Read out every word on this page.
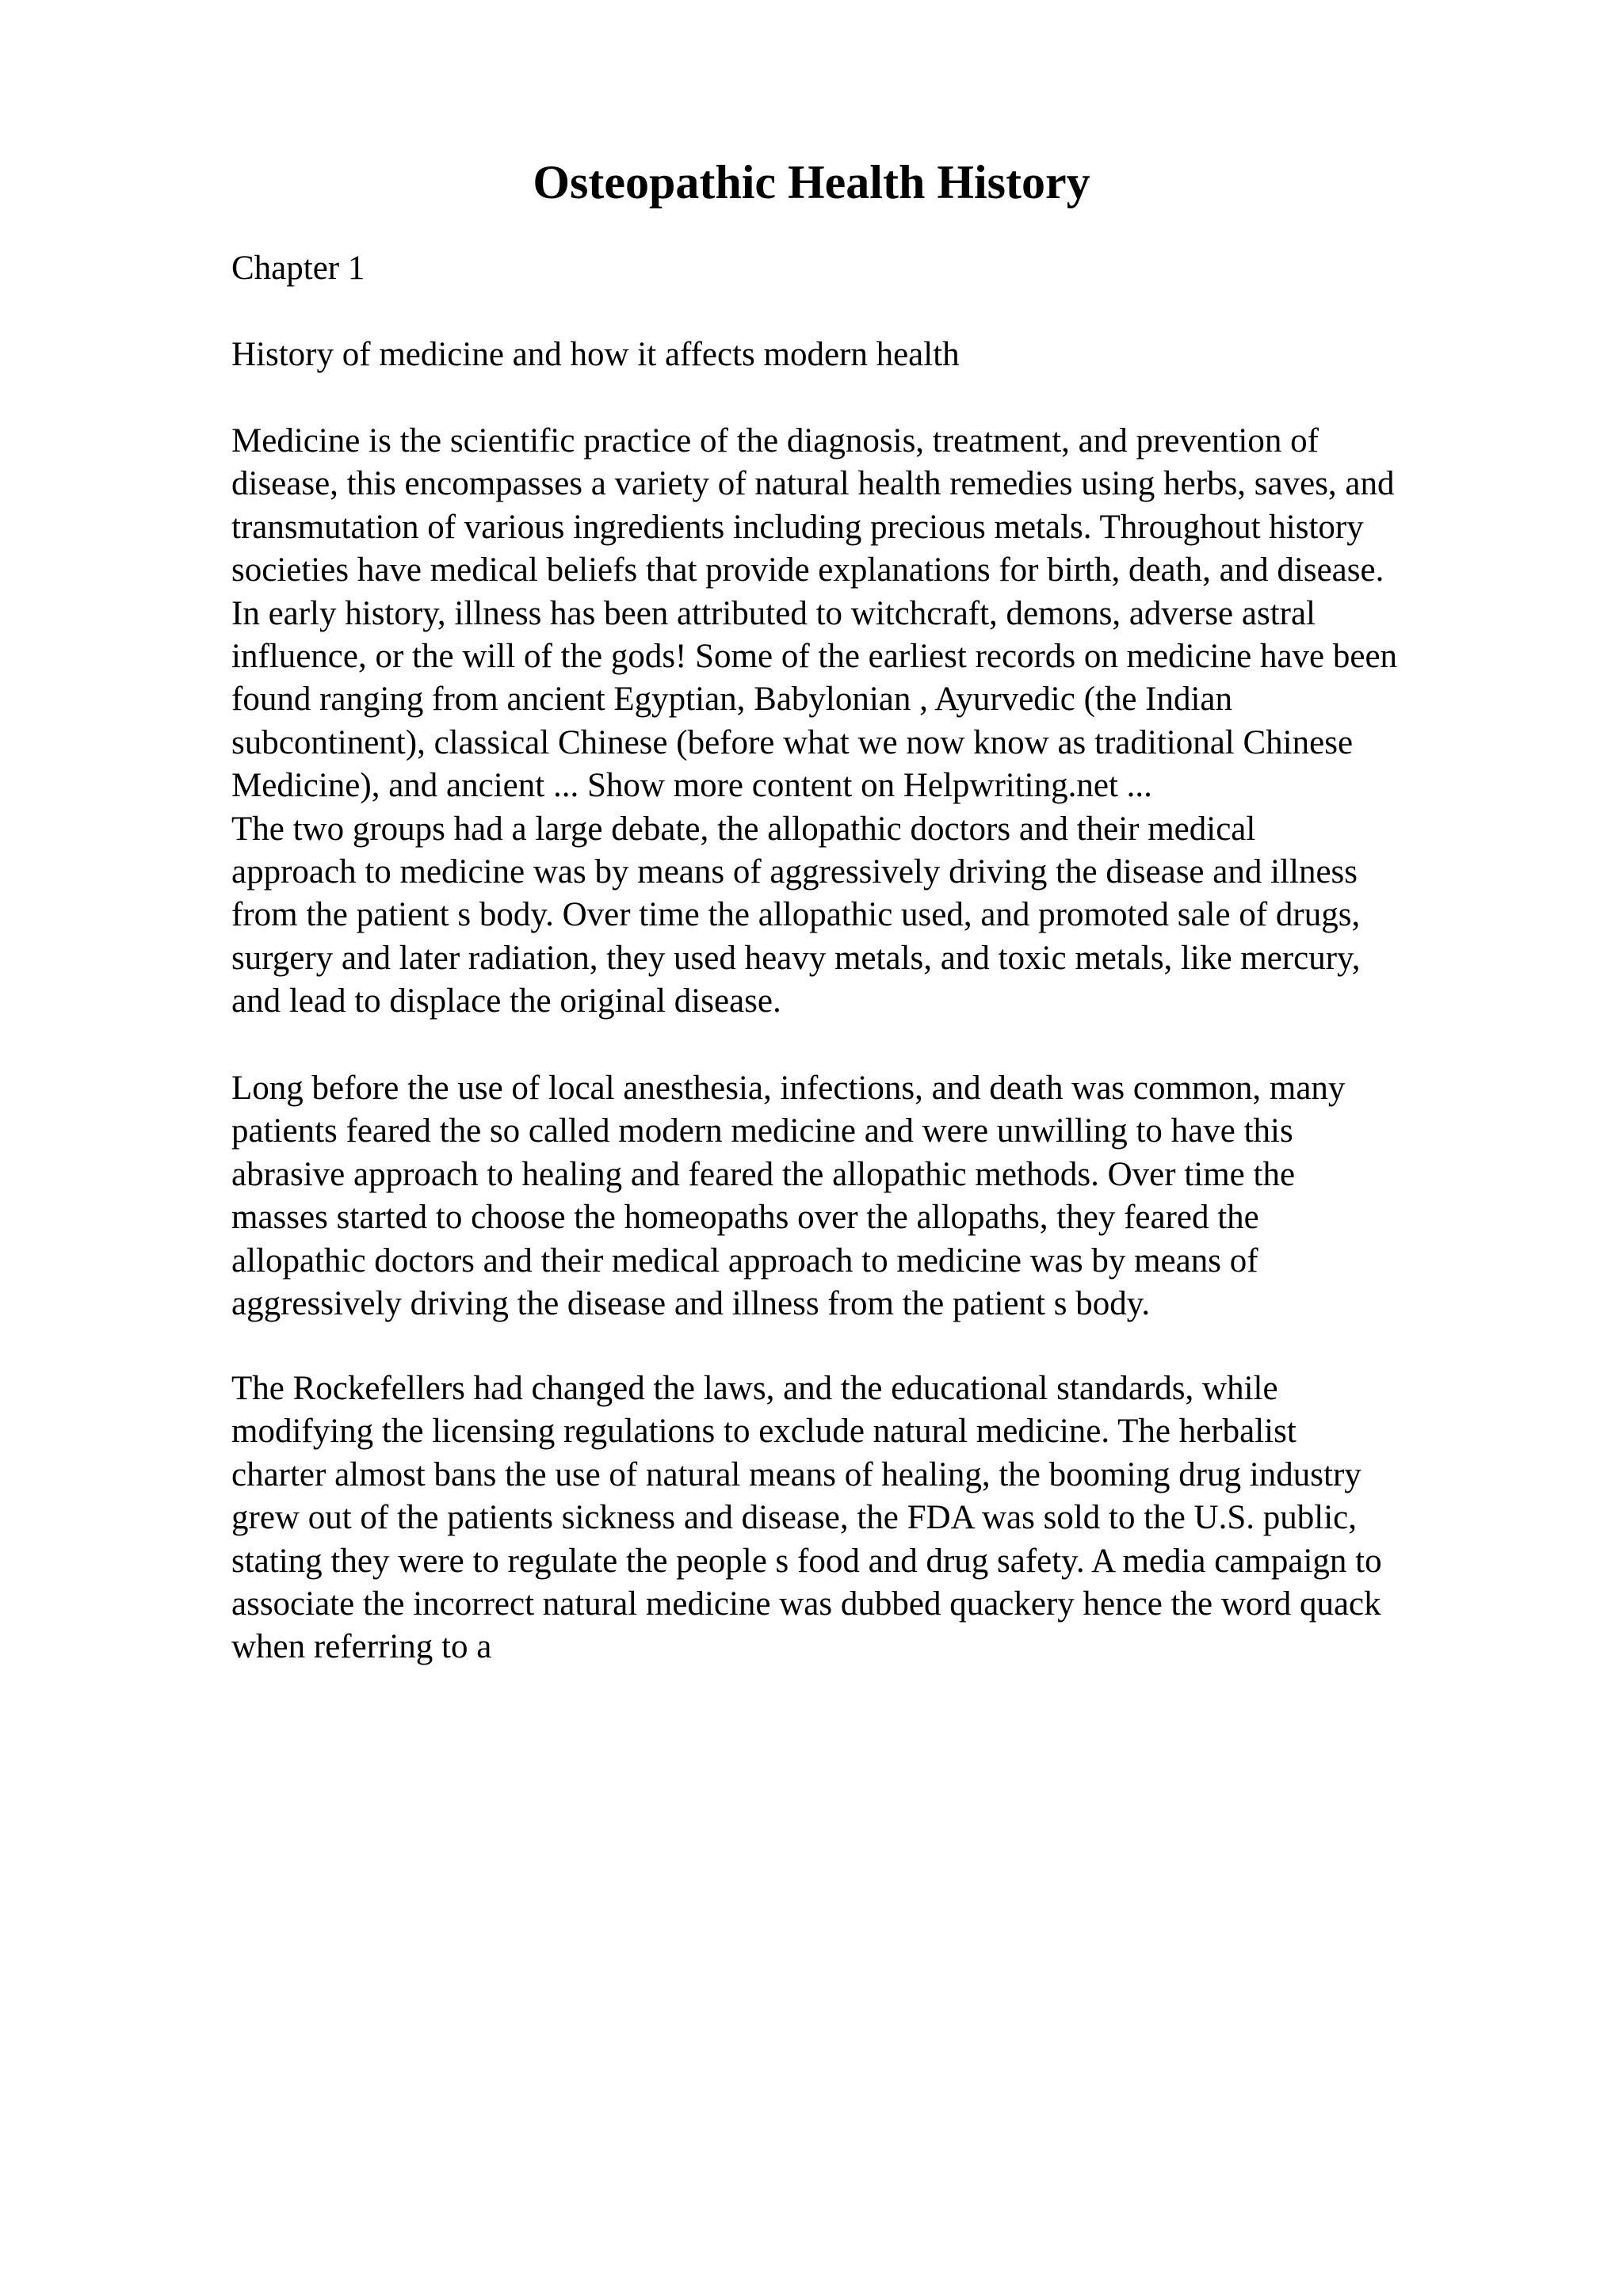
Osteopathic Health History

Chapter 1

History of medicine and how it affects modern health

Medicine is the scientific practice of the diagnosis, treatment, and prevention of
disease, this encompasses a variety of natural health remedies using herbs, saves, and
transmutation of various ingredients including precious metals. Throughout history
societies have medical beliefs that provide explanations for birth, death, and disease.
In early history, illness has been attributed to witchcraft, demons, adverse astral
influence, or the will of the gods! Some of the earliest records on medicine have been
found ranging from ancient Egyptian, Babylonian , Ayurvedic (the Indian
subcontinent), classical Chinese (before what we now know as traditional Chinese
Medicine), and ancient ... Show more content on Helpwriting.net ...
The two groups had a large debate, the allopathic doctors and their medical
approach to medicine was by means of aggressively driving the disease and illness
from the patient s body. Over time the allopathic used, and promoted sale of drugs,
surgery and later radiation, they used heavy metals, and toxic metals, like mercury,
and lead to displace the original disease.

Long before the use of local anesthesia, infections, and death was common, many
patients feared the so called modern medicine and were unwilling to have this
abrasive approach to healing and feared the allopathic methods. Over time the
masses started to choose the homeopaths over the allopaths, they feared the
allopathic doctors and their medical approach to medicine was by means of
aggressively driving the disease and illness from the patient s body.

The Rockefellers had changed the laws, and the educational standards, while
modifying the licensing regulations to exclude natural medicine. The herbalist
charter almost bans the use of natural means of healing, the booming drug industry
grew out of the patients sickness and disease, the FDA was sold to the U.S. public,
stating they were to regulate the people s food and drug safety. A media campaign to
associate the incorrect natural medicine was dubbed quackery hence the word quack
when referring to a
